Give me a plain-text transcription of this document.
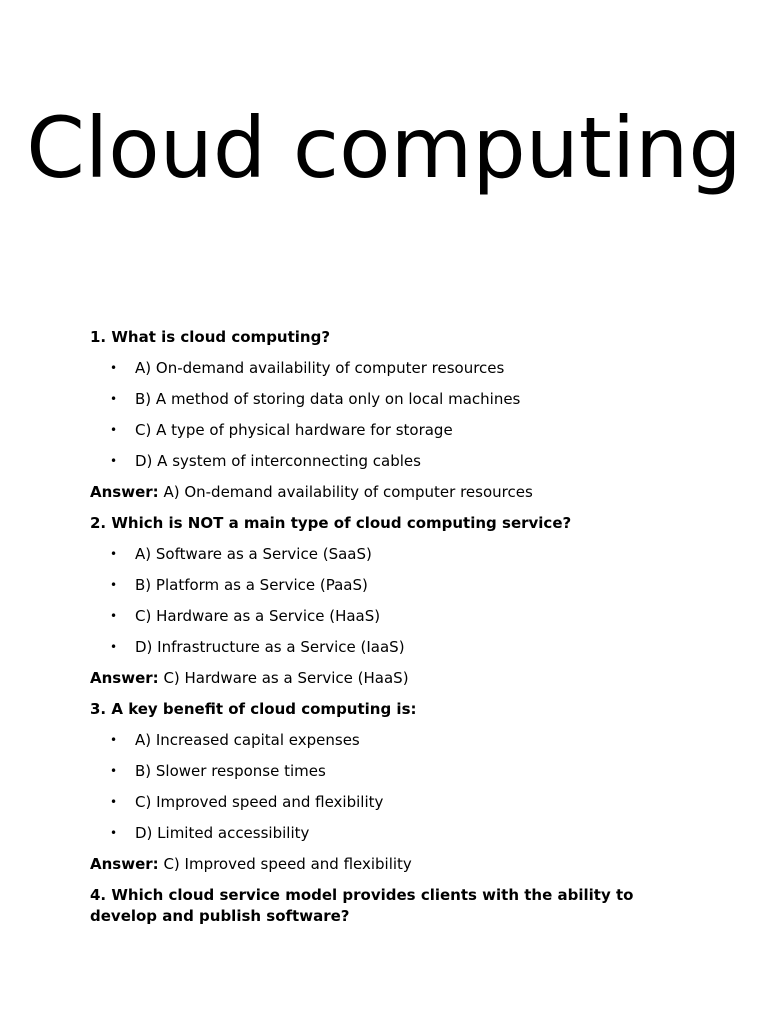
Cloud computing

1. What is cloud computing?

• A) On-demand availability of computer resources
• B) A method of storing data only on local machines
• C) A type of physical hardware for storage
• D) A system of interconnecting cables

Answer: A) On-demand availability of computer resources

2. Which is NOT a main type of cloud computing service?

• A) Software as a Service (SaaS)
• B) Platform as a Service (PaaS)
• C) Hardware as a Service (HaaS)
• D) Infrastructure as a Service (IaaS)

Answer: C) Hardware as a Service (HaaS)

3. A key benefit of cloud computing is:

• A) Increased capital expenses
• B) Slower response times
• C) Improved speed and flexibility
• D) Limited accessibility

Answer: C) Improved speed and flexibility

4. Which cloud service model provides clients with the ability to develop and publish software?
